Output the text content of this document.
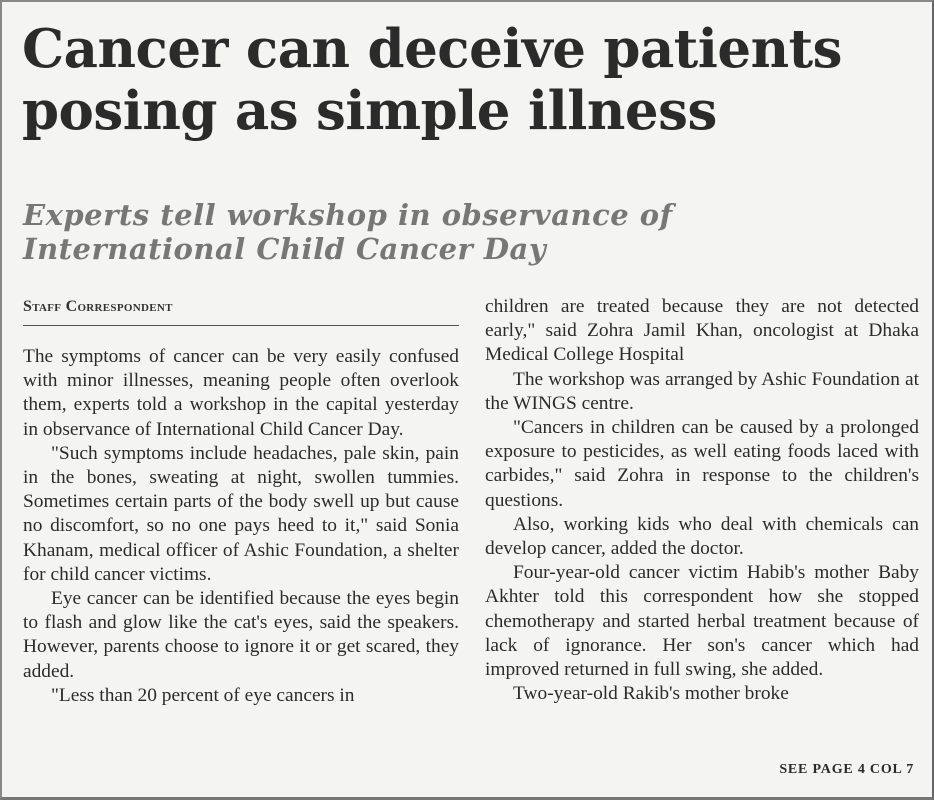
Cancer can deceive patients posing as simple illness
Experts tell workshop in observance of International Child Cancer Day
Staff Correspondent

The symptoms of cancer can be very easily confused with minor illnesses, meaning people often overlook them, experts told a workshop in the capital yesterday in observance of International Child Cancer Day.

"Such symptoms include headaches, pale skin, pain in the bones, sweating at night, swollen tummies. Sometimes certain parts of the body swell up but cause no discomfort, so no one pays heed to it," said Sonia Khanam, medical officer of Ashic Foundation, a shelter for child cancer victims.

Eye cancer can be identified because the eyes begin to flash and glow like the cat's eyes, said the speakers. However, parents choose to ignore it or get scared, they added.

"Less than 20 percent of eye cancers in

children are treated because they are not detected early," said Zohra Jamil Khan, oncologist at Dhaka Medical College Hospital

The workshop was arranged by Ashic Foundation at the WINGS centre.

"Cancers in children can be caused by a prolonged exposure to pesticides, as well eating foods laced with carbides," said Zohra in response to the children's questions.

Also, working kids who deal with chemicals can develop cancer, added the doctor.

Four-year-old cancer victim Habib's mother Baby Akhter told this correspondent how she stopped chemotherapy and started herbal treatment because of lack of ignorance. Her son's cancer which had improved returned in full swing, she added.

Two-year-old Rakib's mother broke

SEE PAGE 4 COL 7
